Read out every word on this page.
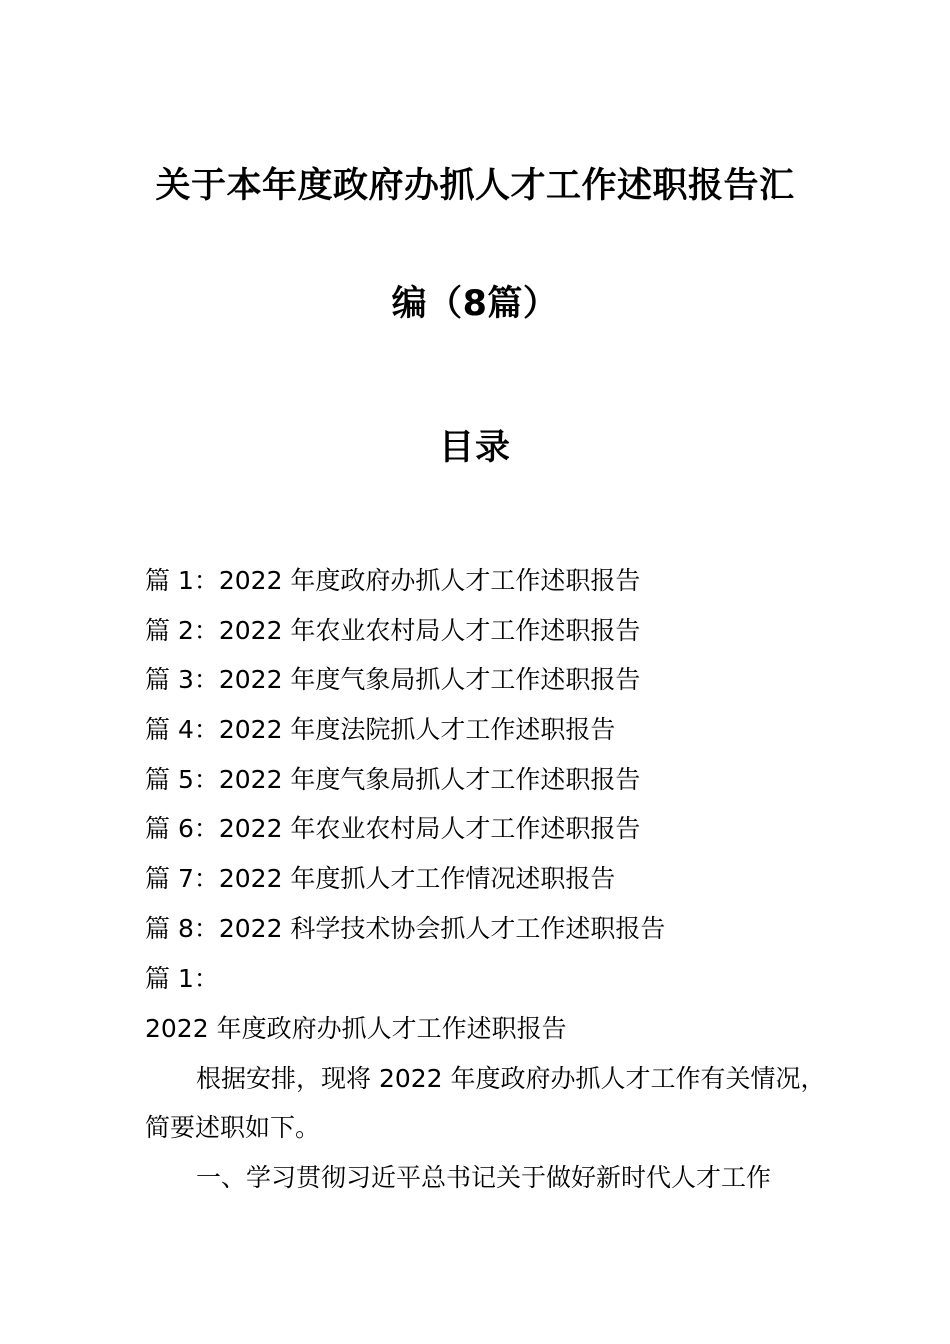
关于本年度政府办抓人才工作述职报告汇
编（8篇）
目录
篇 1：2022 年度政府办抓人才工作述职报告
篇 2：2022 年农业农村局人才工作述职报告
篇 3：2022 年度气象局抓人才工作述职报告
篇 4：2022 年度法院抓人才工作述职报告
篇 5：2022 年度气象局抓人才工作述职报告
篇 6：2022 年农业农村局人才工作述职报告
篇 7：2022 年度抓人才工作情况述职报告
篇 8：2022 科学技术协会抓人才工作述职报告
篇 1：
2022 年度政府办抓人才工作述职报告
根据安排，现将 2022 年度政府办抓人才工作有关情况，
简要述职如下。
一、学习贯彻习近平总书记关于做好新时代人才工作
